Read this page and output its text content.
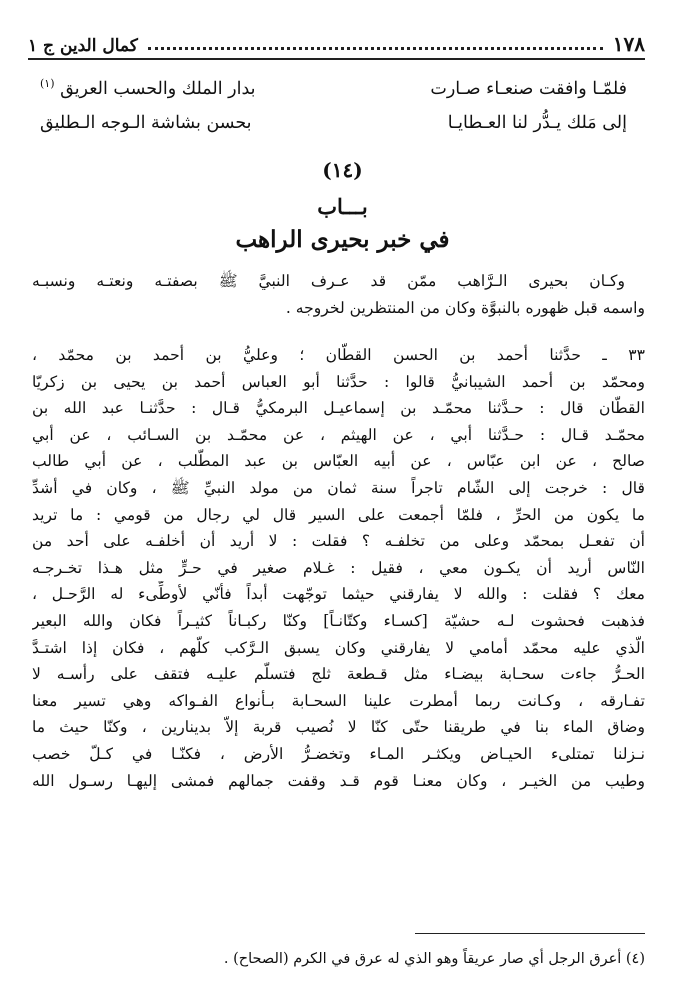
١٧٨
كمال الدين ج ١
فلمّـا وافقت صنعـاء صـارت
بدار الملك والحسب العريق $^{(١)}$
إلى مَلك يـدُّر لنا العـطايـا
بحسن بشاشة الـوجه الـطليق
(١٤)
بـــاب
في خبر بحيرى الراهب
وكـان بحيرى الـرَّاهب ممّن قد عـرف النبيَّ ﷺ بصفتـه ونعتـه ونسبـه
واسمه قبل ظهوره بالنبوَّة وكان من المنتظرين لخروجه .
٣٣ ـ حدَّثنا أحمد بن الحسن القطّان ؛ وعليُّ بن أحمد بن محمّد ،
ومحمّد بن أحمد الشيبانيُّ قالوا : حدَّثنا أبو العباس أحمد بن يحيى بن زكريّا
القطّان قال : حـدَّثنا محمّـد بن إسماعيـل البرمكيُّ قـال : حدَّثنـا عبد الله بن
محمّـد قـال : حـدَّثنا أبي ، عن الهيثم ، عن محمّـد بن السـائب ، عن أبي
صالح ، عن ابن عبّاس ، عن أبيه العبّاس بن عبد المطّلب ، عن أبي طالب
قال : خرجت إلى الشّام تاجراً سنة ثمان من مولد النبيِّ ﷺ ، وكان في أشدِّ
ما يكون من الحرِّ ، فلمّا أجمعت على السير قال لي رجال من قومي : ما تريد
أن تفعـل بمحمّد وعلى من تخلفـه ؟ فقلت : لا أريد أن أخلفـه على أحد من
النّاس أريد أن يكـون معي ، فقيل : غـلام صغير في حـرٍّ مثل هـذا تخـرجـه
معك ؟ فقلت : والله لا يفارقني حيثما توجّهت أبداً فأنّي لأوطِّىء له الرَّحـل ،
فذهبت فحشوت لـه حشيّة [كسـاء وكتّانـاً] وكنّا ركبـاناً كثيـراً فكان والله البعير
الّذي عليه محمّد أمامي لا يفارقني وكان يسبق الـرَّكب كلّهم ، فكان إذا اشتـدَّ
الحـرُّ جاءت سحـابة بيضـاء مثل قـطعة ثلج فتسلّم عليـه فتقف على رأسـه لا
تفـارقه ، وكـانت ربما أمطرت علينا السحـابة بـأنواع الفـواكه وهي تسير معنا
وضاق الماء بنا في طريقنا حتّى كنّا لا نُصيب قربة إلاّ بدينارين ، وكنّا حيث ما
نـزلنا تمتلىء الحيـاض ويكثـر المـاء وتخضـرُّ الأرض ، فكنّـا في كـلّ خصب
وطيب من الخيـر ، وكان معنـا قوم قـد وقفت جمالهم فمشى إليهـا رسـول الله
(٤) أعرق الرجل أي صار عريقاً وهو الذي له عرق في الكرم (الصحاح) .
